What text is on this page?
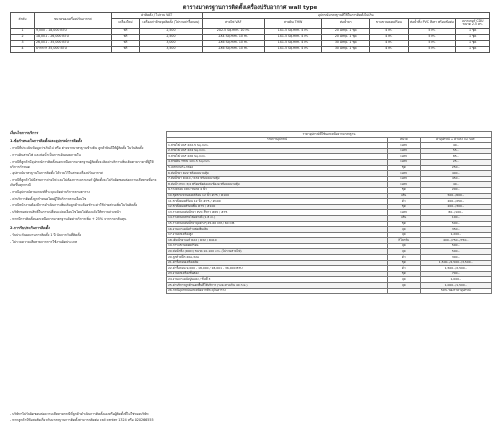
ตารางมาตรฐานการติดตั้งเครื่องปรับอากาศ wall type
ลำดับ	ขนาดของเครื่องปรับอากาศ	ค่าติดตั้ง / ไม่รวม VAT		อุปกรณ์มาตรฐานที่ใช้ในการติดตั้งไม่เกิน					
		เครื่องใหม่	เครื่องเก่าย้ายจุดติดตั้ง (ไม่รวมค่ารื้อถอน)	สายไฟ VAF	สายดิน THW	ท่อน้ำยา	ขาแขวนคอยล์ร้อน	ท่อน้ำทิ้ง PVC สีเทา พร้อมข้อต่อ	เบรกเกอร์ CDU ขนาด 2.5 ตร.
1	9,000 - 18,000 BTU	ฟรี	2,500	2X2.5 Sq.mm. 10 m.	1X1.5 Sq.mm. 4 m.	20 Amp. 1 ชุด	4 m.	5 m.	1 ชุด
2	18,001 - 26,000 BTU	ฟรี	2,500	2X4 Sq.mm. 10 m.	1X1.5 Sq.mm. 4 m.	20 Amp. 1 ชุด	4 m.	5 m.	1 ชุด
3	26,001 - 35,000 BTU	ฟรี	3,000	2X6 Sq.mm. 10 m.	1X1.5 Sq.mm. 4 m.	30 Amp. 1 ชุด	4 m.	5 m.	1 ชุด
4	มากกว่า 35,000 BTU	ฟรี	3,500	2X6 Sq.mm. 10 m.	1X1.5 Sq.mm. 4 m.	30 Amp. 1 ชุด	4 m.	5 m.	1 ชุด
เงื่อนไขการบริการ
1.ข้อกำหนดในการติดตั้งและอุปกรณ์การติดตั้ง

- กรณีที่ประเมินข้อมูลว่าเกินไป หรือ ต่างจากมาตรฐานข้างต้น ลูกค้ายินดีให้ผู้ติดตั้ง ในวันติดตั้ง

- การเดินสายไฟ และท่อน้ำเป็นการเดินลอยภายใน

- กรณีที่ลูกค้ามีอุปกรณ์การติดตั้งนอกเหนือจากมาตรฐานผู้ติดตั้งจะคิดค่าบริการเพิ่มเติมตามราคาที่ผู้ให้บริการกำหนด

- อุปกรณ์มาตรฐานในการติดตั้ง ได้รวมไว้ในสายเครื่องปรับอากาศ

- กรณีที่ลูกค้าไม่มีสายการจ่ายไฟ และไม่ต้องการเบรกเกอร์ ผู้ติดตั้งจะไม่รับผิดชอบต่อความเสียหายที่อาจเกิดขึ้นทุกกรณี

- กรณีอุปกรณ์ตามเกณฑ์ที่ระบุจะคิดค่าบริการตามตาราง

- ค่าบริการติดตั้งถูกกำหนดโดยผู้ให้บริการตามเงื่อนไข

- กรณีหน้างานต้องมีการดำเนินการเพิ่มเติมลูกค้าจะต้องชำระค่าใช้จ่ายส่วนเพิ่มในวันติดตั้ง

- บริษัทขอสงวนสิทธิ์ในการเปลี่ยนแปลงเงื่อนไขโดยไม่ต้องแจ้งให้ทราบล่วงหน้า

- หากมีการติดตั้งนอกเหนือจากมาตรฐานคิดค่าบริการเพิ่ม + 25% จากราคาต้นทุน

2.การรับประกันการติดตั้ง

- รับประกันผลงานการติดตั้ง 1 ปี นับจากวันที่ติดตั้ง

- ไม่รวมความเสียหายจากการใช้งานผิดประเภท

ราคาอุปกรณ์ที่ใช้นอกเหนือจากมาตรฐาน		
รายการอุปกรณ์	หน่วย	ค่าอุปกรณ์ + ค่าแรง Inc VAT.
1.สายไฟ VAF 2X2.5 Sq.mm.	เมตร	40.-
2.สายไฟ VAF 2X4 Sq.mm.	เมตร	55.-
3.สายไฟ VAF 2X6 Sq.mm.	เมตร	85.-
4.สายดิน THW 1X1.5 Sq.mm.	เมตร	25.-
5.เบรกเกอร์+กล่อง	ชุด	250.-
6.ท่อน้ำยา R22 พร้อมฉนวนหุ้ม	เมตร	400.-
7.ท่อน้ำยา R410 / R32 พร้อมฉนวนหุ้ม	เมตร	450.-
8.ท่อน้ำ PVC 3/4 พร้อมข้อต่อและข้องอ พร้อมฉนวนหุ้ม	เมตร	40.-
9.รางครอบ CDU ขนาด 4 นิ้ว	ชุด	200.-
10.ชุดขาแขวนคอยล์ร้อน 12 นิ้ว #75 / #100	เส้น	500.-/600.-
11.ขาตั้งคอยล์ร้อน 12 นิ้ว #75 / #100	ตัว	200.-/250.-
12.ขาตั้งคอยล์ร้อนพื้น #75 / #100	ชุด	200.-/300.-
13.รางครอบท่อน้ำยา PVC สีขาว #65 / #75	เมตร	80.-/100.-
14.รางครอบสายไฟอย่างดี (1.8 m.)	เส้น	100.-
15.รางครอบท่อน้ำยามุมต่างๆ 45-60 CM./ 60 CM.	ชุด	500.-
16.งานเจาะผนังกำแพงเพิ่มเติม	จุด	350.-
17.งานยกเครื่องสูง	จุด	1,200.-
18.เติมน้ำยาแอร์ R22 / R32 / R410	กิโลกรัม	400.-/750.-/750.-
19.การแขวนคอยล์ร้อน	จุด	500.-
20.ท่อน้ำทิ้ง (ROD) ขนาด 10-100 cm. (ไม่รวมสายไฟ)	จุด	500.-
20.ลูกถ้วยปีก 20A,32A	ตัว	300.-
21.ค่ารื้อถอนเครื่องเดิม	ชุด	1,500.-/2,500.-/3,500.-
22.ค่ารื้อถอน 9,000 - 18,000 / 18,001 - 36,000 BTU	ตัว	1,500.-/2,500.-
23.งานยกเครื่องชั้นสอง	ชุด	700.-
24.งานเจาะผนังปูนแดง / ชั้นที่ 3	จุด	1,000.-
25.ค่าบริการลูกค้านอกพื้นที่ให้บริการ (ระยะทางเกิน 40 ก.ม.)	จุด	1,000.-/1,500.-
26.กรณีอุปกรณ์นอกเหนือจากที่ระบุในตาราง		50% ของราคาอุปกรณ์

- บริษัทฯไม่รับผิดชอบต่อความเสียหายกรณีที่ลูกค้าดำเนินการติดตั้งเองหรือผู้ติดตั้งที่ไม่ใช่ของบริษัท

- หากลูกค้ามีข้อสงสัยเกี่ยวกับมาตรฐานการติดตั้งสามารถติดต่อ call center 1324 หรือ 020266555
